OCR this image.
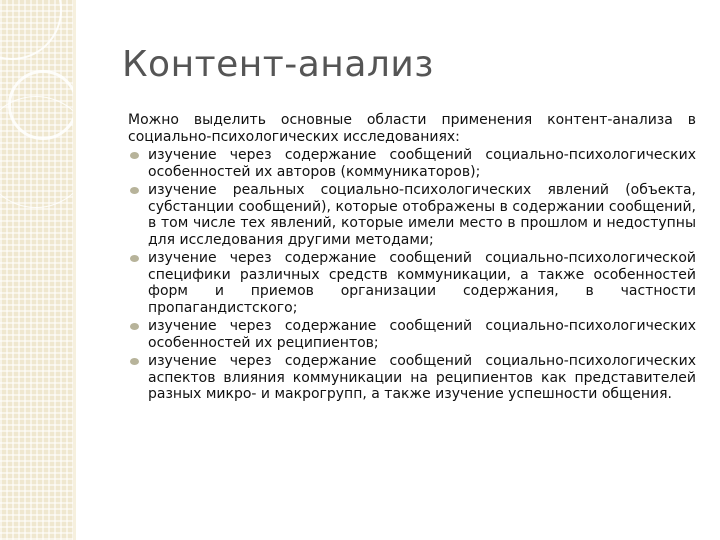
Контент-анализ

Можно выделить основные области применения контент-анализа в социально-психологических исследованиях:

изучение через содержание сообщений социально-психологических особенностей их авторов (коммуникаторов);
изучение реальных социально-психологических явлений (объекта, субстанции сообщений), которые отображены в содержании сообщений, в том числе тех явлений, которые имели место в прошлом и недоступны для исследования другими методами;
изучение через содержание сообщений социально-психологической специфики различных средств коммуникации, а также особенностей форм и приемов организации содержания, в частности пропагандистского;
изучение через содержание сообщений социально-психологических особенностей их реципиентов;
изучение через содержание сообщений социально-психологических аспектов влияния коммуникации на реципиентов как представителей разных микро- и макрогрупп, а также изучение успешности общения.
